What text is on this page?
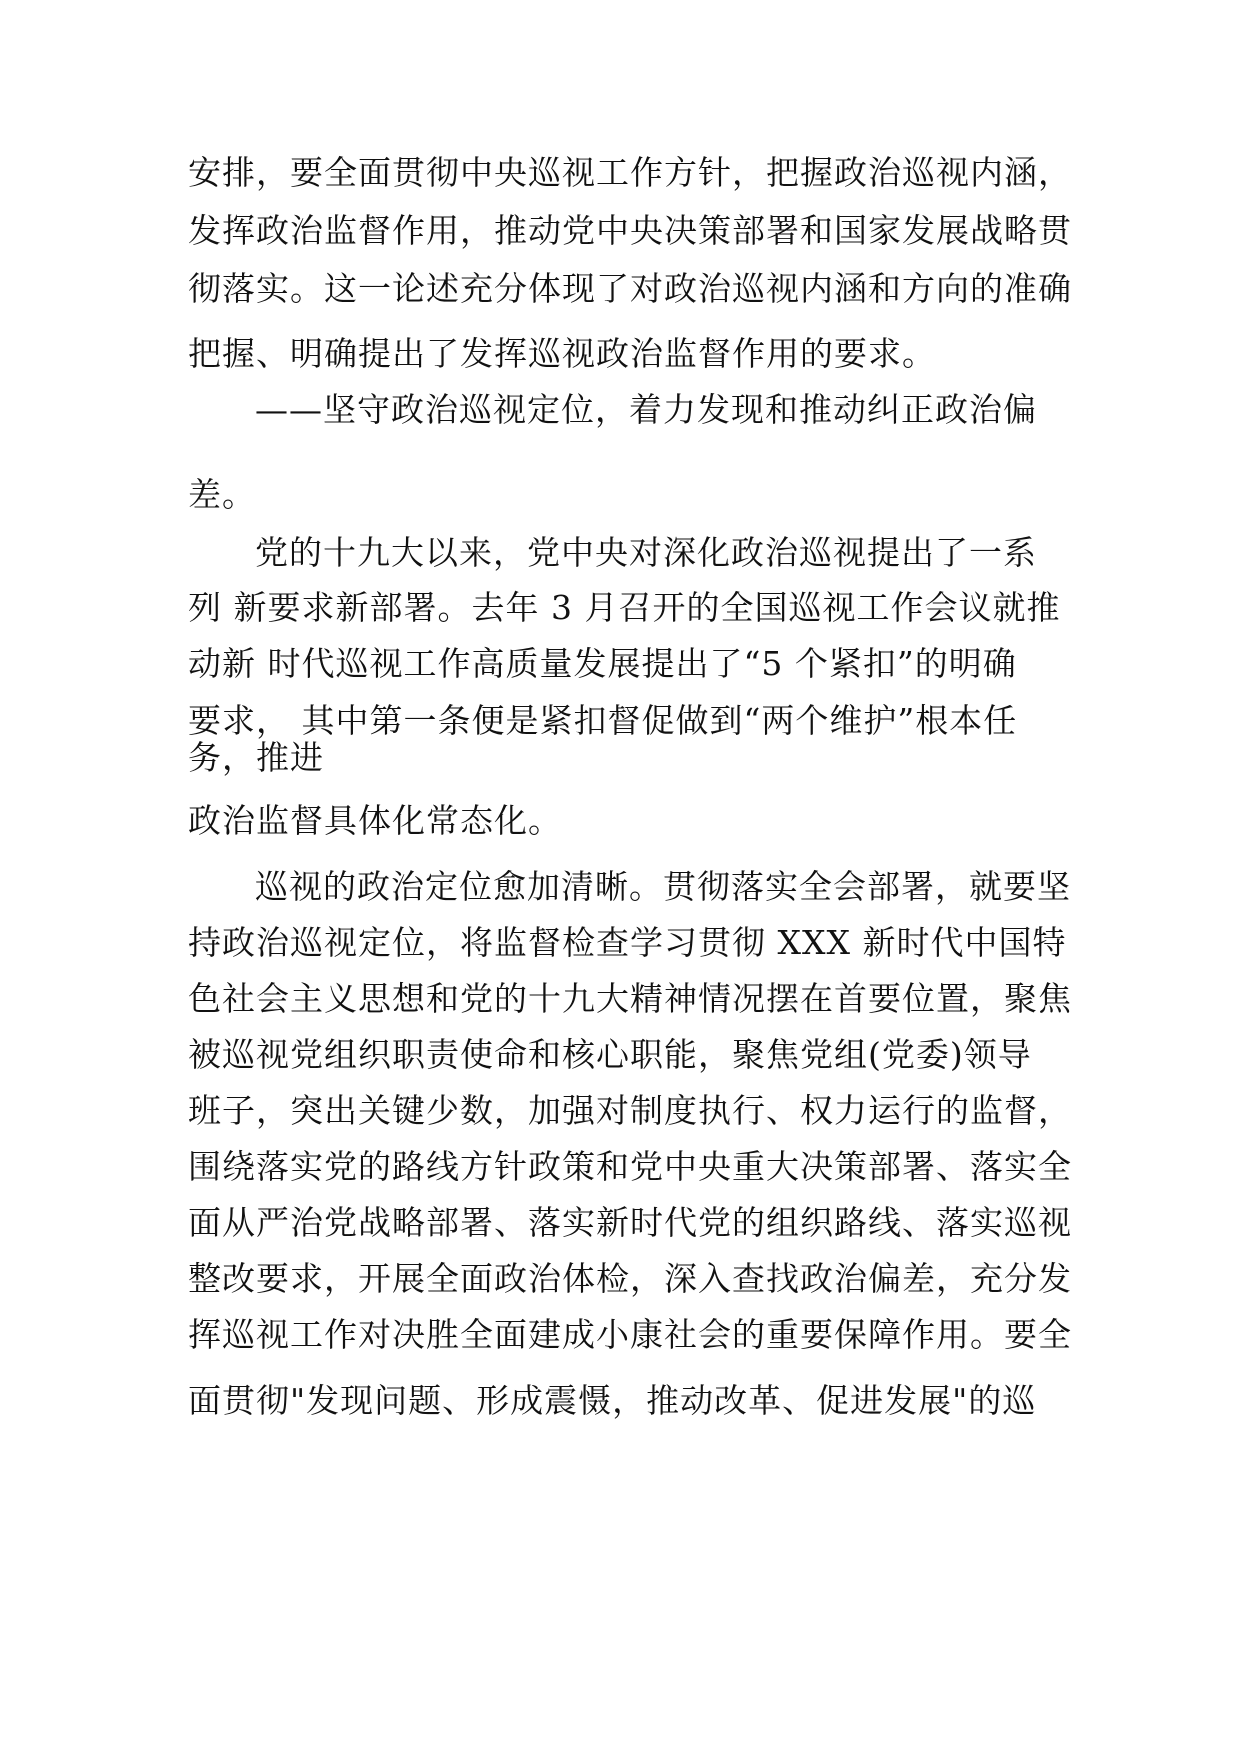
安排，要全面贯彻中央巡视工作方针，把握政治巡视内涵，
发挥政治监督作用，推动党中央决策部署和国家发展战略贯
彻落实。这一论述充分体现了对政治巡视内涵和方向的准确
把握、明确提出了发挥巡视政治监督作用的要求。
——坚守政治巡视定位，着力发现和推动纠正政治偏
差。
党的十九大以来，党中央对深化政治巡视提出了一系
列 新要求新部署。去年 3 月召开的全国巡视工作会议就推
动新 时代巡视工作高质量发展提出了“5 个紧扣”的明确
要求， 其中第一条便是紧扣督促做到“两个维护”根本任
务，推进
政治监督具体化常态化。
巡视的政治定位愈加清晰。贯彻落实全会部署，就要坚
持政治巡视定位，将监督检查学习贯彻 XXX 新时代中国特
色社会主义思想和党的十九大精神情况摆在首要位置，聚焦
被巡视党组织职责使命和核心职能，聚焦党组(党委)领导
班子，突出关键少数，加强对制度执行、权力运行的监督，
围绕落实党的路线方针政策和党中央重大决策部署、落实全
面从严治党战略部署、落实新时代党的组织路线、落实巡视
整改要求，开展全面政治体检，深入查找政治偏差，充分发
挥巡视工作对决胜全面建成小康社会的重要保障作用。要全
面贯彻"发现问题、形成震慑，推动改革、促进发展"的巡
